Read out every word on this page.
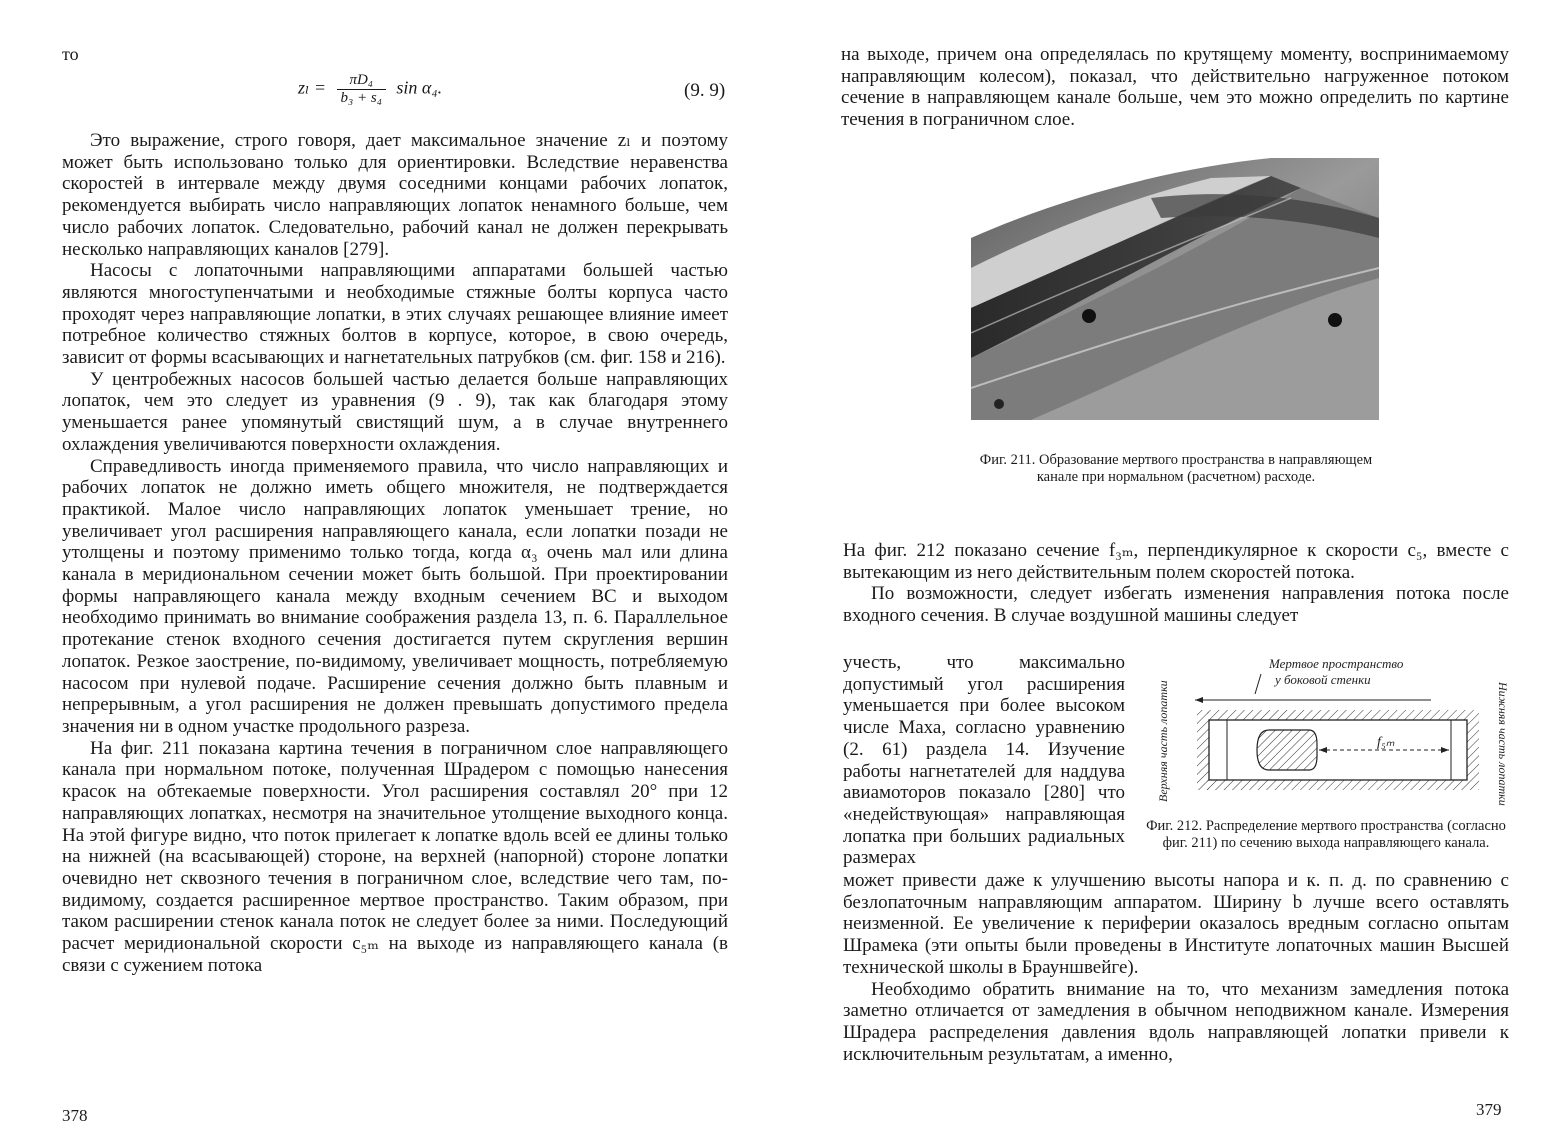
то
$z_l = \frac{\text{πD₄}}{\text{b₃ + s₄}}$ sin α₄.	(9. 9)

Это выражение, строго говоря, дает максимальное значение zₗ и поэтому может быть использовано только для ориентировки. Вследствие неравенства скоростей в интервале между двумя соседними концами рабочих лопаток, рекомендуется выбирать число направляющих лопаток ненамного больше, чем число рабочих лопаток. Следовательно, рабочий канал не должен перекрывать несколько направляющих каналов [279].

Насосы с лопаточными направляющими аппаратами большей частью являются многоступенчатыми и необходимые стяжные болты корпуса часто проходят через направляющие лопатки, в этих случаях решающее влияние имеет потребное количество стяжных болтов в корпусе, которое, в свою очередь, зависит от формы всасывающих и нагнетательных патрубков (см. фиг. 158 и 216).

У центробежных насосов большей частью делается больше направляющих лопаток, чем это следует из уравнения (9 . 9), так как благодаря этому уменьшается ранее упомянутый свистящий шум, а в случае внутреннего охлаждения увеличиваются поверхности охлаждения.

Справедливость иногда применяемого правила, что число направляющих и рабочих лопаток не должно иметь общего множителя, не подтверждается практикой. Малое число направляющих лопаток уменьшает трение, но увеличивает угол расширения направляющего канала, если лопатки позади не утолщены и поэтому применимо только тогда, когда α₃ очень мал или длина канала в меридиональном сечении может быть большой. При проектировании формы направляющего канала между входным сечением BC и выходом необходимо принимать во внимание соображения раздела 13, п. 6. Параллельное протекание стенок входного сечения достигается путем скругления вершин лопаток. Резкое заострение, по-видимому, увеличивает мощность, потребляемую насосом при нулевой подаче. Расширение сечения должно быть плавным и непрерывным, а угол расширения не должен превышать допустимого предела значения ни в одном участке продольного разреза.

На фиг. 211 показана картина течения в пограничном слое направляющего канала при нормальном потоке, полученная Шрадером с помощью нанесения красок на обтекаемые поверхности. Угол расширения составлял 20° при 12 направляющих лопатках, несмотря на значительное утолщение выходного конца. На этой фигуре видно, что поток прилегает к лопатке вдоль всей ее длины только на нижней (на всасывающей) стороне, на верхней (напорной) стороне лопатки очевидно нет сквозного течения в пограничном слое, вследствие чего там, по-видимому, создается расширенное мертвое пространство. Таким образом, при таком расширении стенок канала поток не следует более за ними. Последующий расчет меридиональной скорости c₅ₘ на выходе из направляющего канала (в связи с сужением потока

378

на выходе, причем она определялась по крутящему моменту, воспринимаемому направляющим колесом), показал, что действительно нагруженное потоком сечение в направляющем канале больше, чем это можно определить по картине течения в пограничном слое.

Фиг. 211. Образование мертвого пространства в направляющем канале при нормальном (расчетном) расходе.

На фиг. 212 показано сечение f₃ₘ, перпендикулярное к скорости c₅, вместе с вытекающим из него действительным полем скоростей потока.

По возможности, следует избегать изменения направления потока после входного сечения. В случае воздушной машины следует

учесть, что максимально допустимый угол расширения уменьшается при более высоком числе Маха, согласно уравнению (2. 61) раздела 14. Изучение работы нагнетателей для наддува авиамоторов показало [280] что «недействующая» направляющая лопатка при больших радиальных размерах

Мертвое пространство
у боковой стенки
Верхняя часть лопатки	Нижняя часть лопатки
f₅ₘ
Фиг. 212. Распределение мертвого пространства (согласно фиг. 211) по сечению выхода направляющего канала.

может привести даже к улучшению высоты напора и к. п. д. по сравнению с безлопаточным направляющим аппаратом. Ширину b лучше всего оставлять неизменной. Ее увеличение к периферии оказалось вредным согласно опытам Шрамека (эти опыты были проведены в Институте лопаточных машин Высшей технической школы в Брауншвейге).

Необходимо обратить внимание на то, что механизм замедления потока заметно отличается от замедления в обычном неподвижном канале. Измерения Шрадера распределения давления вдоль направляющей лопатки привели к исключительным результатам, а именно,

379
